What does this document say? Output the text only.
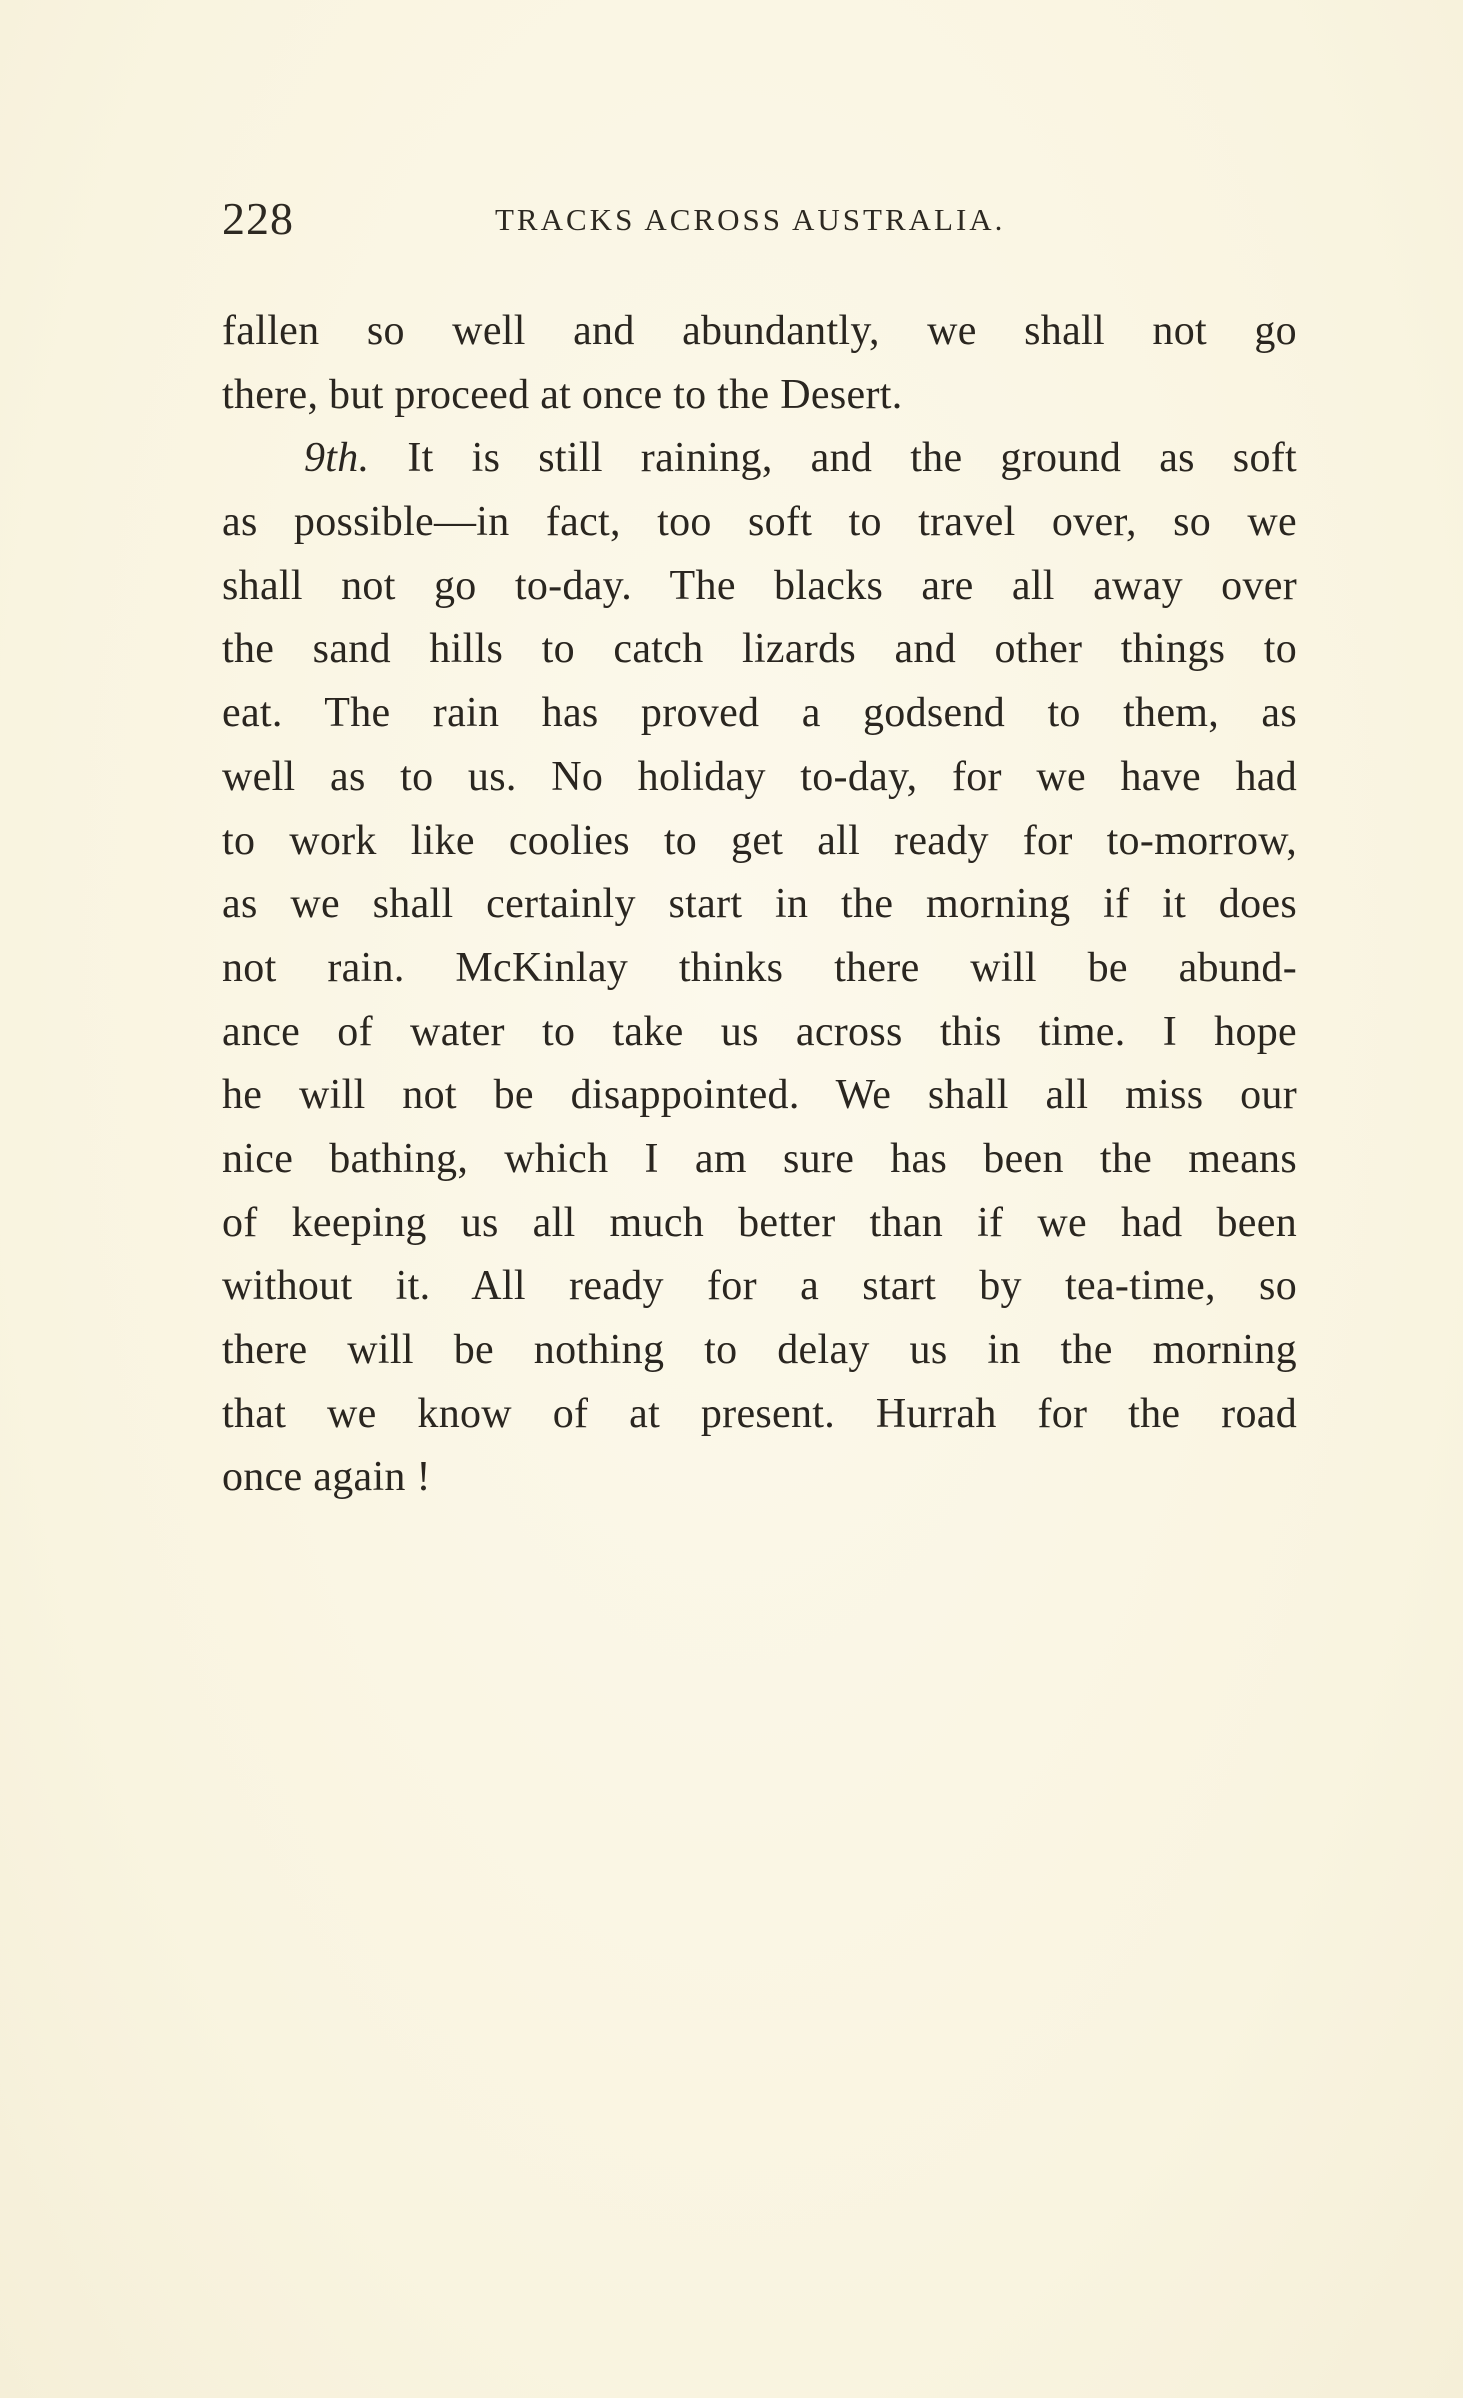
228	TRACKS ACROSS AUSTRALIA.
fallen so well and abundantly, we shall not go
there, but proceed at once to the Desert.
9th. It is still raining, and the ground as soft
as possible—in fact, too soft to travel over, so we
shall not go to-day. The blacks are all away over
the sand hills to catch lizards and other things to
eat. The rain has proved a godsend to them, as
well as to us. No holiday to-day, for we have had
to work like coolies to get all ready for to-morrow,
as we shall certainly start in the morning if it does
not rain. McKinlay thinks there will be abund-
ance of water to take us across this time. I hope
he will not be disappointed. We shall all miss our
nice bathing, which I am sure has been the means
of keeping us all much better than if we had been
without it. All ready for a start by tea-time, so
there will be nothing to delay us in the morning
that we know of at present. Hurrah for the road
once again !
